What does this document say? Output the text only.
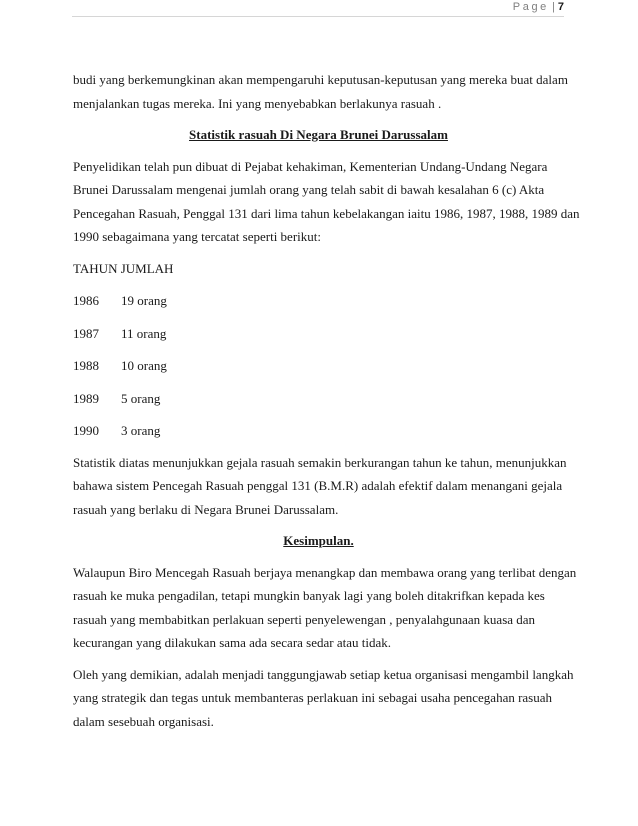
Page | 7

budi yang berkemungkinan akan mempengaruhi keputusan-keputusan yang mereka buat dalam

menjalankan tugas mereka. Ini yang menyebabkan berlakunya rasuah .

Statistik rasuah Di Negara Brunei Darussalam

Penyelidikan telah pun dibuat di Pejabat kehakiman, Kementerian Undang-Undang Negara

Brunei Darussalam mengenai jumlah orang yang telah sabit di bawah kesalahan 6 (c) Akta

Pencegahan Rasuah, Penggal 131 dari lima tahun kebelakangan iaitu 1986, 1987, 1988, 1989 dan

1990 sebagaimana yang tercatat seperti berikut:

TAHUN JUMLAH

1986 19 orang

1987 11 orang

1988 10 orang

1989 5 orang

1990 3 orang

Statistik diatas menunjukkan gejala rasuah semakin berkurangan tahun ke tahun, menunjukkan

bahawa sistem Pencegah Rasuah penggal 131 (B.M.R) adalah efektif dalam menangani gejala

rasuah yang berlaku di Negara Brunei Darussalam.

Kesimpulan.

Walaupun Biro Mencegah Rasuah berjaya menangkap dan membawa orang yang terlibat dengan

rasuah ke muka pengadilan, tetapi mungkin banyak lagi yang boleh ditakrifkan kepada kes

rasuah yang membabitkan perlakuan seperti penyelewengan , penyalahgunaan kuasa dan

kecurangan yang dilakukan sama ada secara sedar atau tidak.

Oleh yang demikian, adalah menjadi tanggungjawab setiap ketua organisasi mengambil langkah

yang strategik dan tegas untuk membanteras perlakuan ini sebagai usaha pencegahan rasuah

dalam sesebuah organisasi.
